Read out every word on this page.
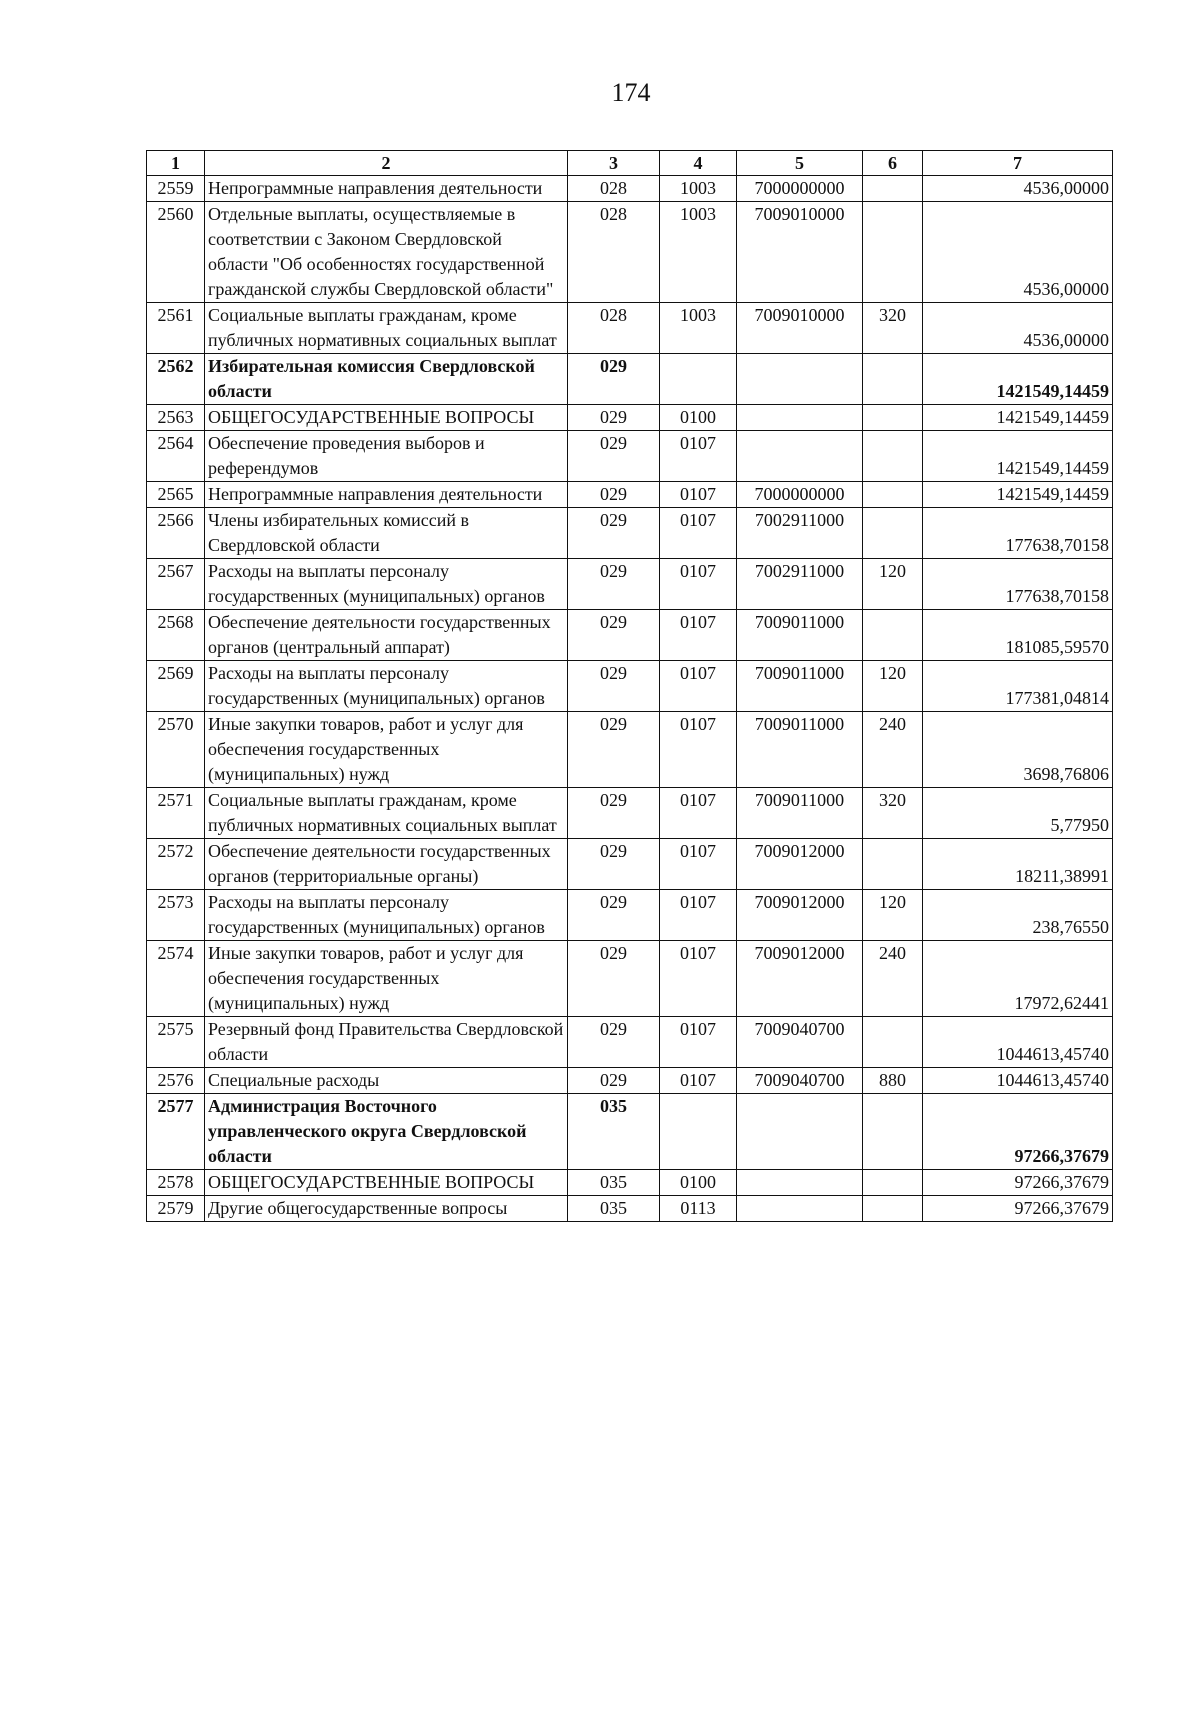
174
1	2	3	4	5	6	7
2559	Непрограммные направления деятельности	028	1003	7000000000		4536,00000
2560	Отдельные выплаты, осуществляемые в соответствии с Законом Свердловской области "Об особенностях государственной гражданской службы Свердловской области"	028	1003	7009010000		4536,00000
2561	Социальные выплаты гражданам, кроме публичных нормативных социальных выплат	028	1003	7009010000	320	4536,00000
2562	Избирательная комиссия Свердловской области	029				1421549,14459
2563	ОБЩЕГОСУДАРСТВЕННЫЕ ВОПРОСЫ	029	0100			1421549,14459
2564	Обеспечение проведения выборов и референдумов	029	0107			1421549,14459
2565	Непрограммные направления деятельности	029	0107	7000000000		1421549,14459
2566	Члены избирательных комиссий в Свердловской области	029	0107	7002911000		177638,70158
2567	Расходы на выплаты персоналу государственных (муниципальных) органов	029	0107	7002911000	120	177638,70158
2568	Обеспечение деятельности государственных органов (центральный аппарат)	029	0107	7009011000		181085,59570
2569	Расходы на выплаты персоналу государственных (муниципальных) органов	029	0107	7009011000	120	177381,04814
2570	Иные закупки товаров, работ и услуг для обеспечения государственных (муниципальных) нужд	029	0107	7009011000	240	3698,76806
2571	Социальные выплаты гражданам, кроме публичных нормативных социальных выплат	029	0107	7009011000	320	5,77950
2572	Обеспечение деятельности государственных органов (территориальные органы)	029	0107	7009012000		18211,38991
2573	Расходы на выплаты персоналу государственных (муниципальных) органов	029	0107	7009012000	120	238,76550
2574	Иные закупки товаров, работ и услуг для обеспечения государственных (муниципальных) нужд	029	0107	7009012000	240	17972,62441
2575	Резервный фонд Правительства Свердловской области	029	0107	7009040700		1044613,45740
2576	Специальные расходы	029	0107	7009040700	880	1044613,45740
2577	Администрация Восточного управленческого округа Свердловской области	035				97266,37679
2578	ОБЩЕГОСУДАРСТВЕННЫЕ ВОПРОСЫ	035	0100			97266,37679
2579	Другие общегосударственные вопросы	035	0113			97266,37679
